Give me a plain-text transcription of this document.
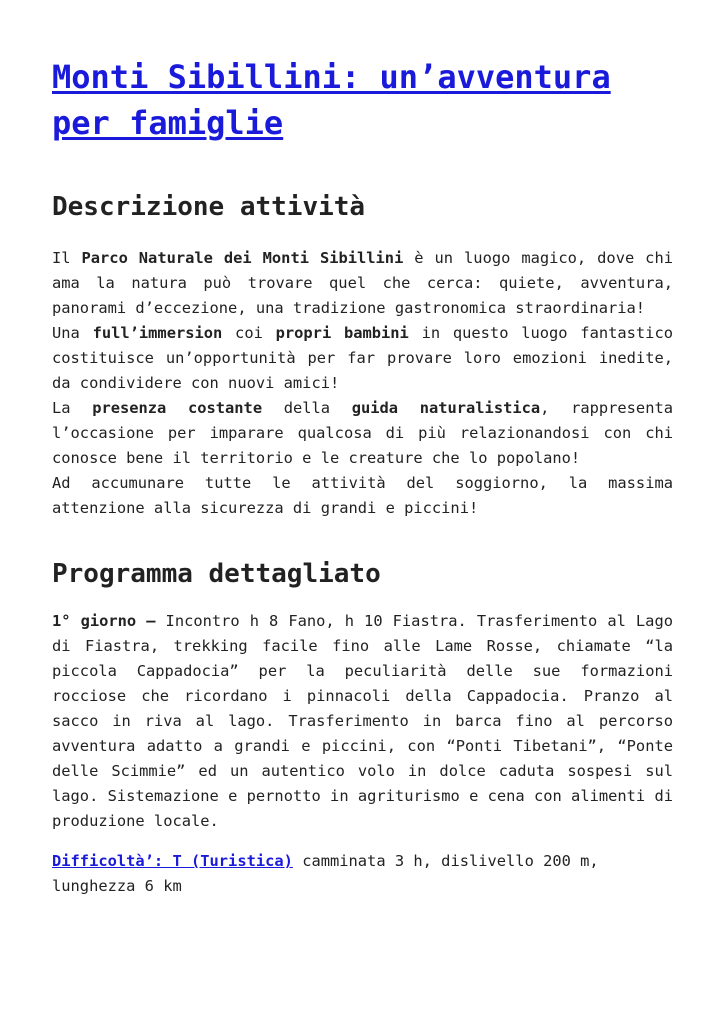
Monti Sibillini: un’avventura per famiglie
Descrizione attività

Il Parco Naturale dei Monti Sibillini è un luogo magico, dove chi ama la natura può trovare quel che cerca: quiete, avventura, panorami d’eccezione, una tradizione gastronomica straordinaria!

Una full’immersion coi propri bambini in questo luogo fantastico costituisce un’opportunità per far provare loro emozioni inedite, da condividere con nuovi amici!

La presenza costante della guida naturalistica, rappresenta l’occasione per imparare qualcosa di più relazionandosi con chi conosce bene il territorio e le creature che lo popolano!

Ad accumunare tutte le attività del soggiorno, la massima attenzione alla sicurezza di grandi e piccini!

Programma dettagliato

1° giorno – Incontro h 8 Fano, h 10 Fiastra. Trasferimento al Lago di Fiastra, trekking facile fino alle Lame Rosse, chiamate “la piccola Cappadocia” per la peculiarità delle sue formazioni rocciose che ricordano i pinnacoli della Cappadocia. Pranzo al sacco in riva al lago. Trasferimento in barca fino al percorso avventura adatto a grandi e piccini, con “Ponti Tibetani”, “Ponte delle Scimmie” ed un autentico volo in dolce caduta sospesi sul lago. Sistemazione e pernotto in agriturismo e cena con alimenti di produzione locale.

Difficoltà’: T (Turistica) camminata 3 h, dislivello 200 m, lunghezza 6 km
